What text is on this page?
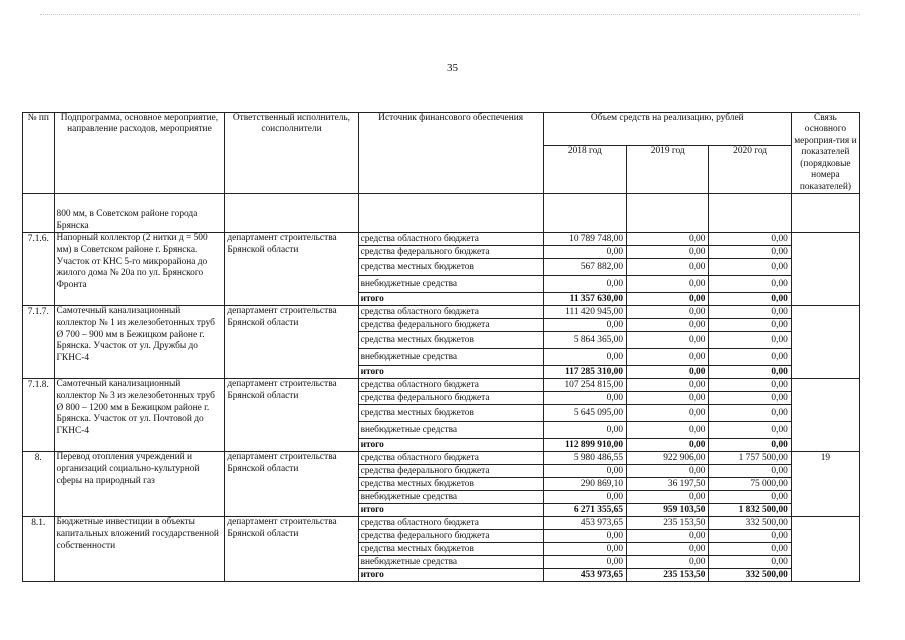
35
№ пп	Подпрограмма, основное мероприятие, направление расходов, мероприятие	Ответственный исполнитель, соисполнители	Источник финансового обеспечения	Объем средств на реализацию, рублей			Связь основного мероприя-тия и показателей (порядковые номера показателей)
				2018 год	2019 год	2020 год	
	800 мм, в Советском районе города Брянска						
7.1.6.	Напорный коллектор (2 нитки д = 500 мм) в Советском районе г. Брянска. Участок от КНС 5-го микрорайона до жилого дома № 20а по ул. Брянского Фронта	департамент строительства Брянской области	средства областного бюджета	10 789 748,00	0,00	0,00	
			средства федерального бюджета	0,00	0,00	0,00	
			средства местных бюджетов	567 882,00	0,00	0,00	
			внебюджетные средства	0,00	0,00	0,00	
			итого	11 357 630,00	0,00	0,00	
7.1.7.	Самотечный канализационный коллектор № 1 из железобетонных труб Ø 700 – 900 мм в Бежицком районе г. Брянска. Участок от ул. Дружбы до ГКНС-4	департамент строительства Брянской области	средства областного бюджета	111 420 945,00	0,00	0,00	
			средства федерального бюджета	0,00	0,00	0,00	
			средства местных бюджетов	5 864 365,00	0,00	0,00	
			внебюджетные средства	0,00	0,00	0,00	
			итого	117 285 310,00	0,00	0,00	
7.1.8.	Самотечный канализационный коллектор № 3 из железобетонных труб Ø 800 – 1200 мм в Бежицком районе г. Брянска. Участок от ул. Почтовой до ГКНС-4	департамент строительства Брянской области	средства областного бюджета	107 254 815,00	0,00	0,00	
			средства федерального бюджета	0,00	0,00	0,00	
			средства местных бюджетов	5 645 095,00	0,00	0,00	
			внебюджетные средства	0,00	0,00	0,00	
			итого	112 899 910,00	0,00	0,00	
8.	Перевод отопления учреждений и организаций социально-культурной сферы на природный газ	департамент строительства Брянской области	средства областного бюджета	5 980 486,55	922 906,00	1 757 500,00	19
			средства федерального бюджета	0,00	0,00	0,00	
			средства местных бюджетов	290 869,10	36 197,50	75 000,00	
			внебюджетные средства	0,00	0,00	0,00	
			итого	6 271 355,65	959 103,50	1 832 500,00	
8.1.	Бюджетные инвестиции в объекты капитальных вложений государственной собственности	департамент строительства Брянской области	средства областного бюджета	453 973,65	235 153,50	332 500,00	
			средства федерального бюджета	0,00	0,00	0,00	
			средства местных бюджетов	0,00	0,00	0,00	
			внебюджетные средства	0,00	0,00	0,00	
			итого	453 973,65	235 153,50	332 500,00	
